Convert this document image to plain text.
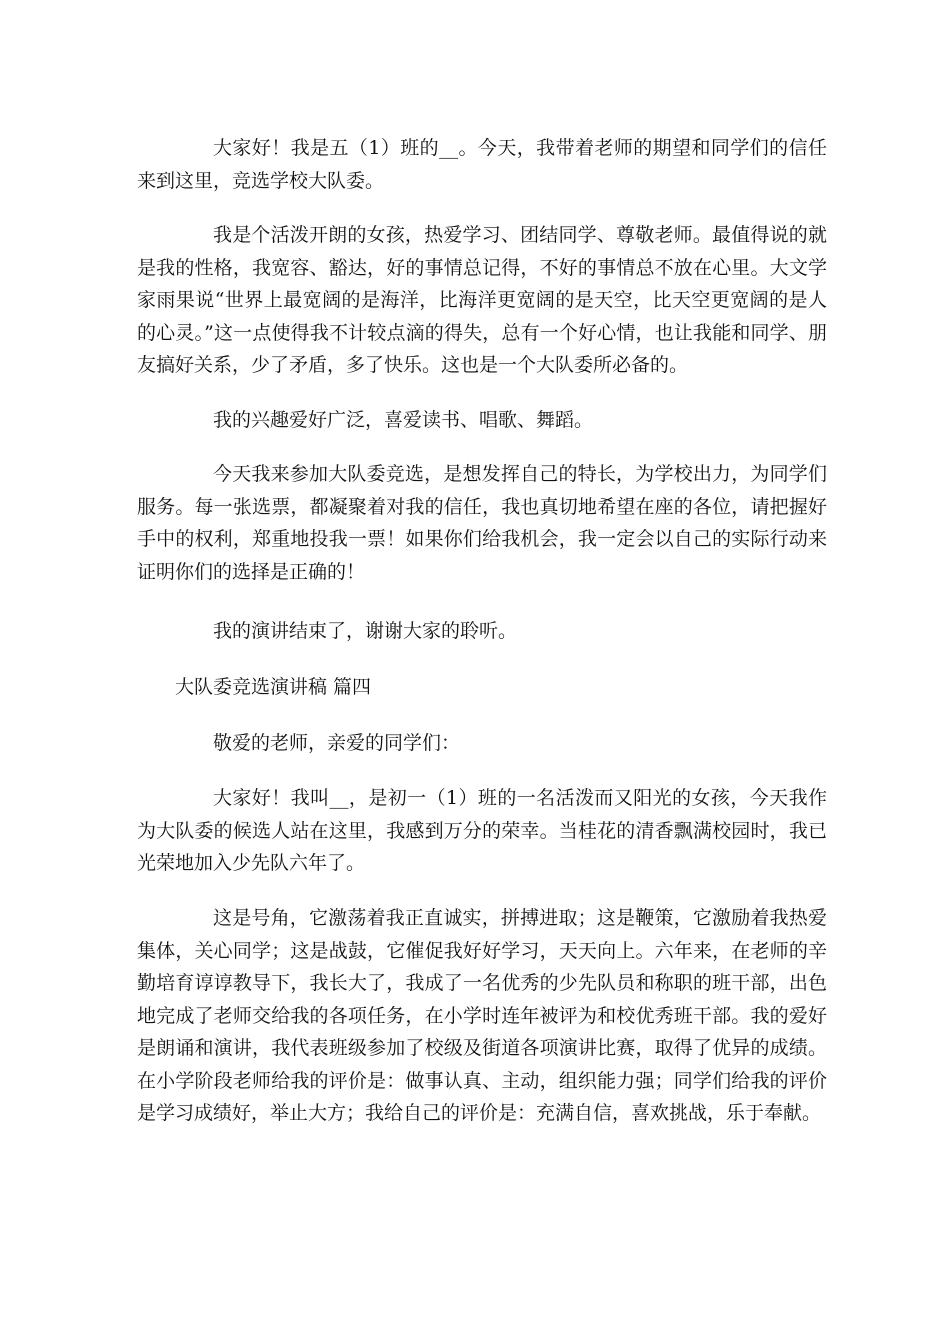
大家好！我是五（1）班的__。今天，我带着老师的期望和同学们的信任来到这里，竞选学校大队委。

我是个活泼开朗的女孩，热爱学习、团结同学、尊敬老师。最值得说的就是我的性格，我宽容、豁达，好的事情总记得，不好的事情总不放在心里。大文学家雨果说“世界上最宽阔的是海洋，比海洋更宽阔的是天空，比天空更宽阔的是人的心灵。”这一点使得我不计较点滴的得失，总有一个好心情，也让我能和同学、朋友搞好关系，少了矛盾，多了快乐。这也是一个大队委所必备的。

我的兴趣爱好广泛，喜爱读书、唱歌、舞蹈。

今天我来参加大队委竞选，是想发挥自己的特长，为学校出力，为同学们服务。每一张选票，都凝聚着对我的信任，我也真切地希望在座的各位，请把握好手中的权利，郑重地投我一票！如果你们给我机会，我一定会以自己的实际行动来证明你们的选择是正确的！

我的演讲结束了，谢谢大家的聆听。

大队委竞选演讲稿 篇四

敬爱的老师，亲爱的同学们：

大家好！我叫__，是初一（1）班的一名活泼而又阳光的女孩，今天我作为大队委的候选人站在这里，我感到万分的荣幸。当桂花的清香飘满校园时，我已光荣地加入少先队六年了。

这是号角，它激荡着我正直诚实，拼搏进取；这是鞭策，它激励着我热爱集体，关心同学；这是战鼓，它催促我好好学习，天天向上。六年来，在老师的辛勤培育谆谆教导下，我长大了，我成了一名优秀的少先队员和称职的班干部，出色地完成了老师交给我的各项任务，在小学时连年被评为和校优秀班干部。我的爱好是朗诵和演讲，我代表班级参加了校级及街道各项演讲比赛，取得了优异的成绩。在小学阶段老师给我的评价是：做事认真、主动，组织能力强；同学们给我的评价是学习成绩好，举止大方；我给自己的评价是：充满自信，喜欢挑战，乐于奉献。
